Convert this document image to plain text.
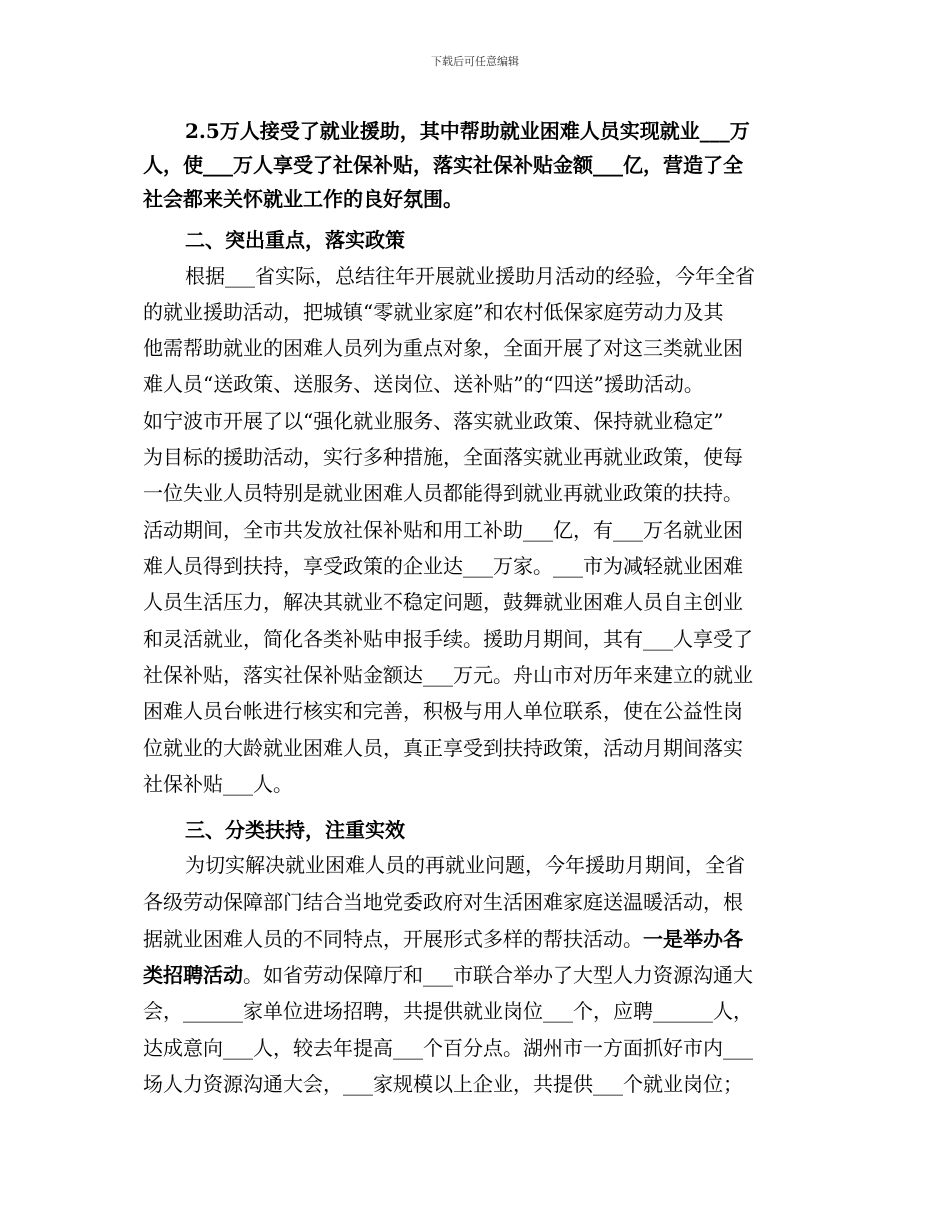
下载后可任意编辑
2.5万人接受了就业援助，其中帮助就业困难人员实现就业___万
人，使___万人享受了社保补贴，落实社保补贴金额___亿，营造了全
社会都来关怀就业工作的良好氛围。
二、突出重点，落实政策
根据___省实际，总结往年开展就业援助月活动的经验，今年全省
的就业援助活动，把城镇“零就业家庭”和农村低保家庭劳动力及其
他需帮助就业的困难人员列为重点对象，全面开展了对这三类就业困
难人员“送政策、送服务、送岗位、送补贴”的“四送”援助活动。
如宁波市开展了以“强化就业服务、落实就业政策、保持就业稳定”
为目标的援助活动，实行多种措施，全面落实就业再就业政策，使每
一位失业人员特别是就业困难人员都能得到就业再就业政策的扶持。
活动期间，全市共发放社保补贴和用工补助___亿，有___万名就业困
难人员得到扶持，享受政策的企业达___万家。___市为减轻就业困难
人员生活压力，解决其就业不稳定问题，鼓舞就业困难人员自主创业
和灵活就业，简化各类补贴申报手续。援助月期间，其有___人享受了
社保补贴，落实社保补贴金额达___万元。舟山市对历年来建立的就业
困难人员台帐进行核实和完善，积极与用人单位联系，使在公益性岗
位就业的大龄就业困难人员，真正享受到扶持政策，活动月期间落实
社保补贴___人。
三、分类扶持，注重实效
为切实解决就业困难人员的再就业问题，今年援助月期间，全省
各级劳动保障部门结合当地党委政府对生活困难家庭送温暖活动，根
据就业困难人员的不同特点，开展形式多样的帮扶活动。一是举办各
类招聘活动。如省劳动保障厅和___市联合举办了大型人力资源沟通大
会，______家单位进场招聘，共提供就业岗位___个，应聘______人，
达成意向___人，较去年提高___个百分点。湖州市一方面抓好市内___
场人力资源沟通大会，___家规模以上企业，共提供___个就业岗位；
